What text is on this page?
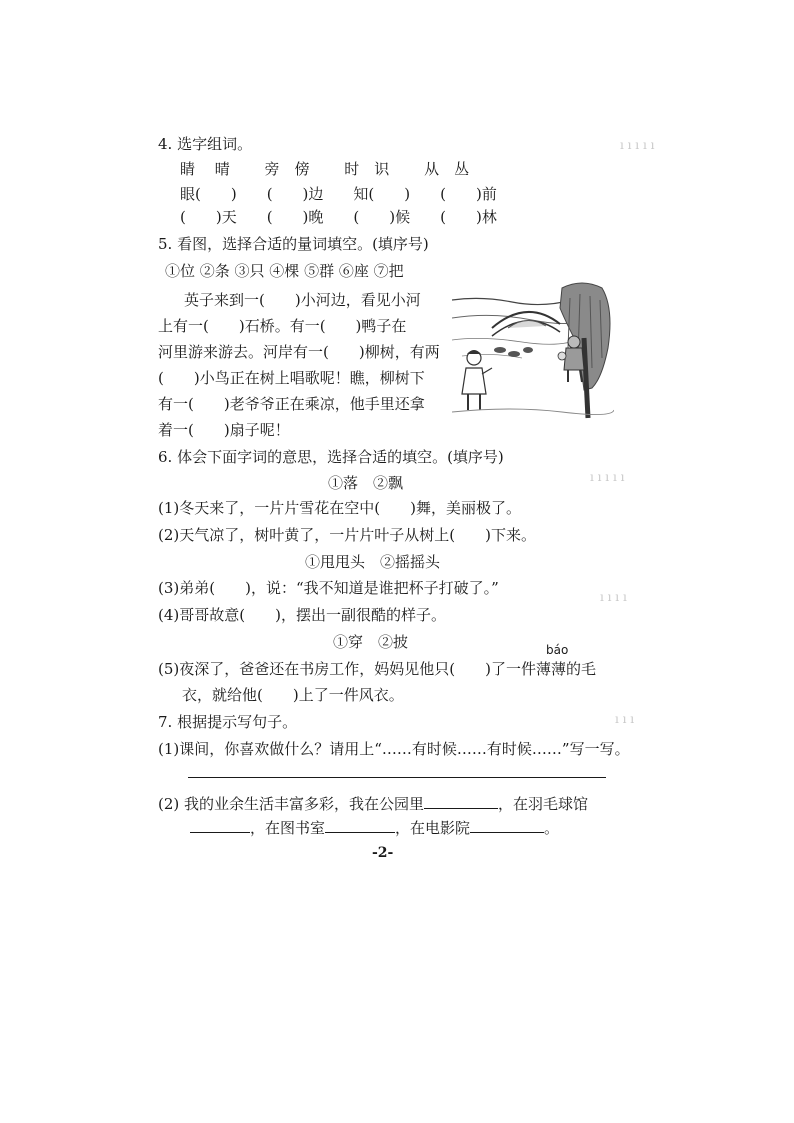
ı ı ı ı ı
ı ı ı ı ı
ı ı ı ı
ı ı ı
4. 选字组词。
睛　 晴　　 旁　傍　　 时　识　　 从　丛
眼(　　)　　(　　)边　　知(　　)　　(　　)前
(　　)天　　(　　)晚　　(　　)候　　(　　)林
5. 看图，选择合适的量词填空。(填序号)
①位 ②条 ③只 ④棵 ⑤群 ⑥座 ⑦把
英子来到一(　　)小河边，看见小河
上有一(　　)石桥。有一(　　)鸭子在
河里游来游去。河岸有一(　　)柳树，有两
(　　)小鸟正在树上唱歌呢！瞧，柳树下
有一(　　)老爷爷正在乘凉，他手里还拿
着一(　　)扇子呢！
6. 体会下面字词的意思，选择合适的填空。(填序号)
①落　②飘
(1)冬天来了，一片片雪花在空中(　　)舞，美丽极了。
(2)天气凉了，树叶黄了，一片片叶子从树上(　　)下来。
①甩甩头　②摇摇头
(3)弟弟(　　)，说：“我不知道是谁把杯子打破了。”
(4)哥哥故意(　　)，摆出一副很酷的样子。
①穿　②披	báo
(5)夜深了，爸爸还在书房工作，妈妈见他只(　　)了一件薄薄的毛
衣，就给他(　　)上了一件风衣。
7. 根据提示写句子。
(1)课间，你喜欢做什么？请用上“……有时候……有时候……”写一写。
(2) 我的业余生活丰富多彩，我在公园里	，在羽毛球馆
，在图书室	，在电影院	。
-2-
